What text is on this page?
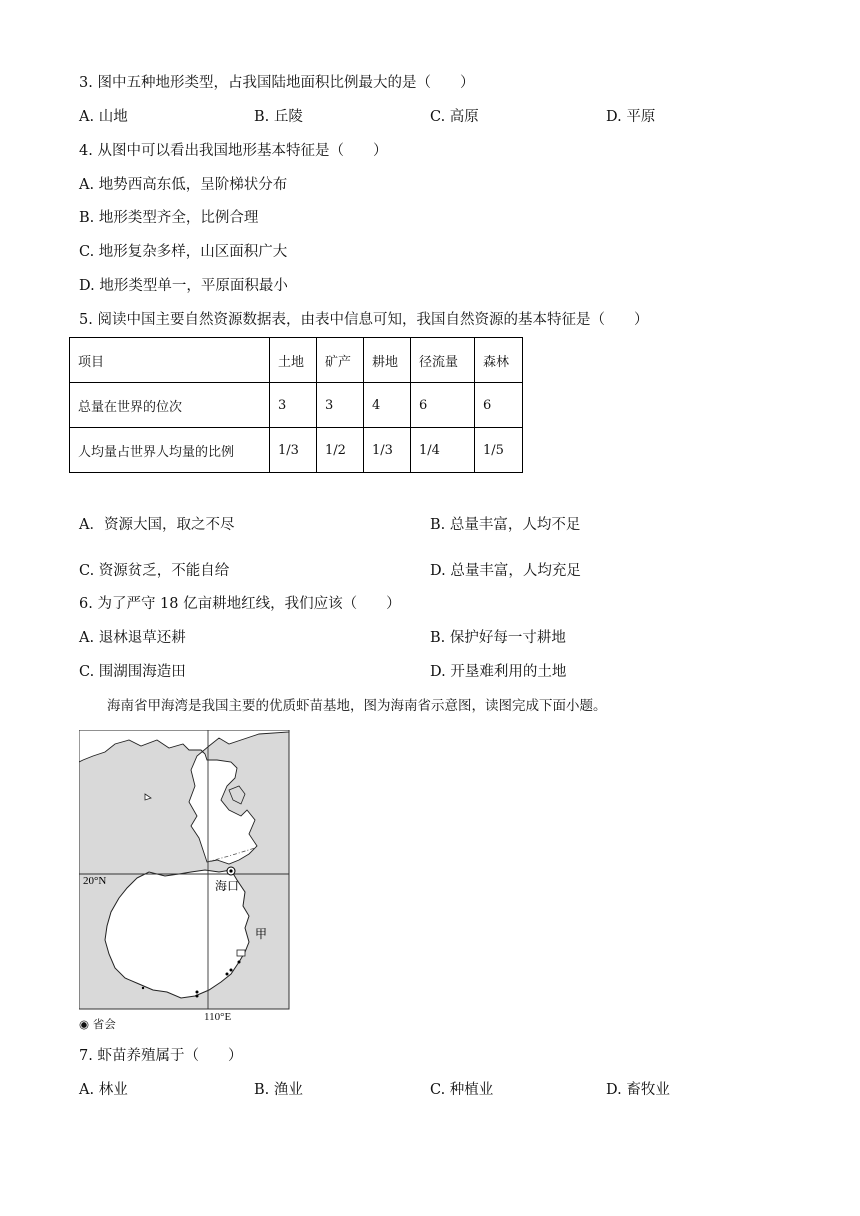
3. 图中五种地形类型，占我国陆地面积比例最大的是（　　）
A. 山地	B. 丘陵	C. 高原	D. 平原
4. 从图中可以看出我国地形基本特征是（　　）
A. 地势西高东低，呈阶梯状分布
B. 地形类型齐全，比例合理
C. 地形复杂多样，山区面积广大
D. 地形类型单一，平原面积最小
5. 阅读中国主要自然资源数据表，由表中信息可知，我国自然资源的基本特征是（　　）
项目	土地	矿产	耕地	径流量	森林
总量在世界的位次	3	3	4	6	6
人均量占世界人均量的比例	1/3	1/2	1/3	1/4	1/5
A．资源大国，取之不尽	B. 总量丰富，人均不足
C. 资源贫乏，不能自给	D. 总量丰富，人均充足
6. 为了严守 18 亿亩耕地红线，我们应该（　　）
A. 退林退草还耕	B. 保护好每一寸耕地
C. 围湖围海造田	D. 开垦难利用的土地
海南省甲海湾是我国主要的优质虾苗基地，图为海南省示意图，读图完成下面小题。
20°N	海口
甲
110°E
◉ 省会
7. 虾苗养殖属于（　　）
A. 林业	B. 渔业	C. 种植业	D. 畜牧业
